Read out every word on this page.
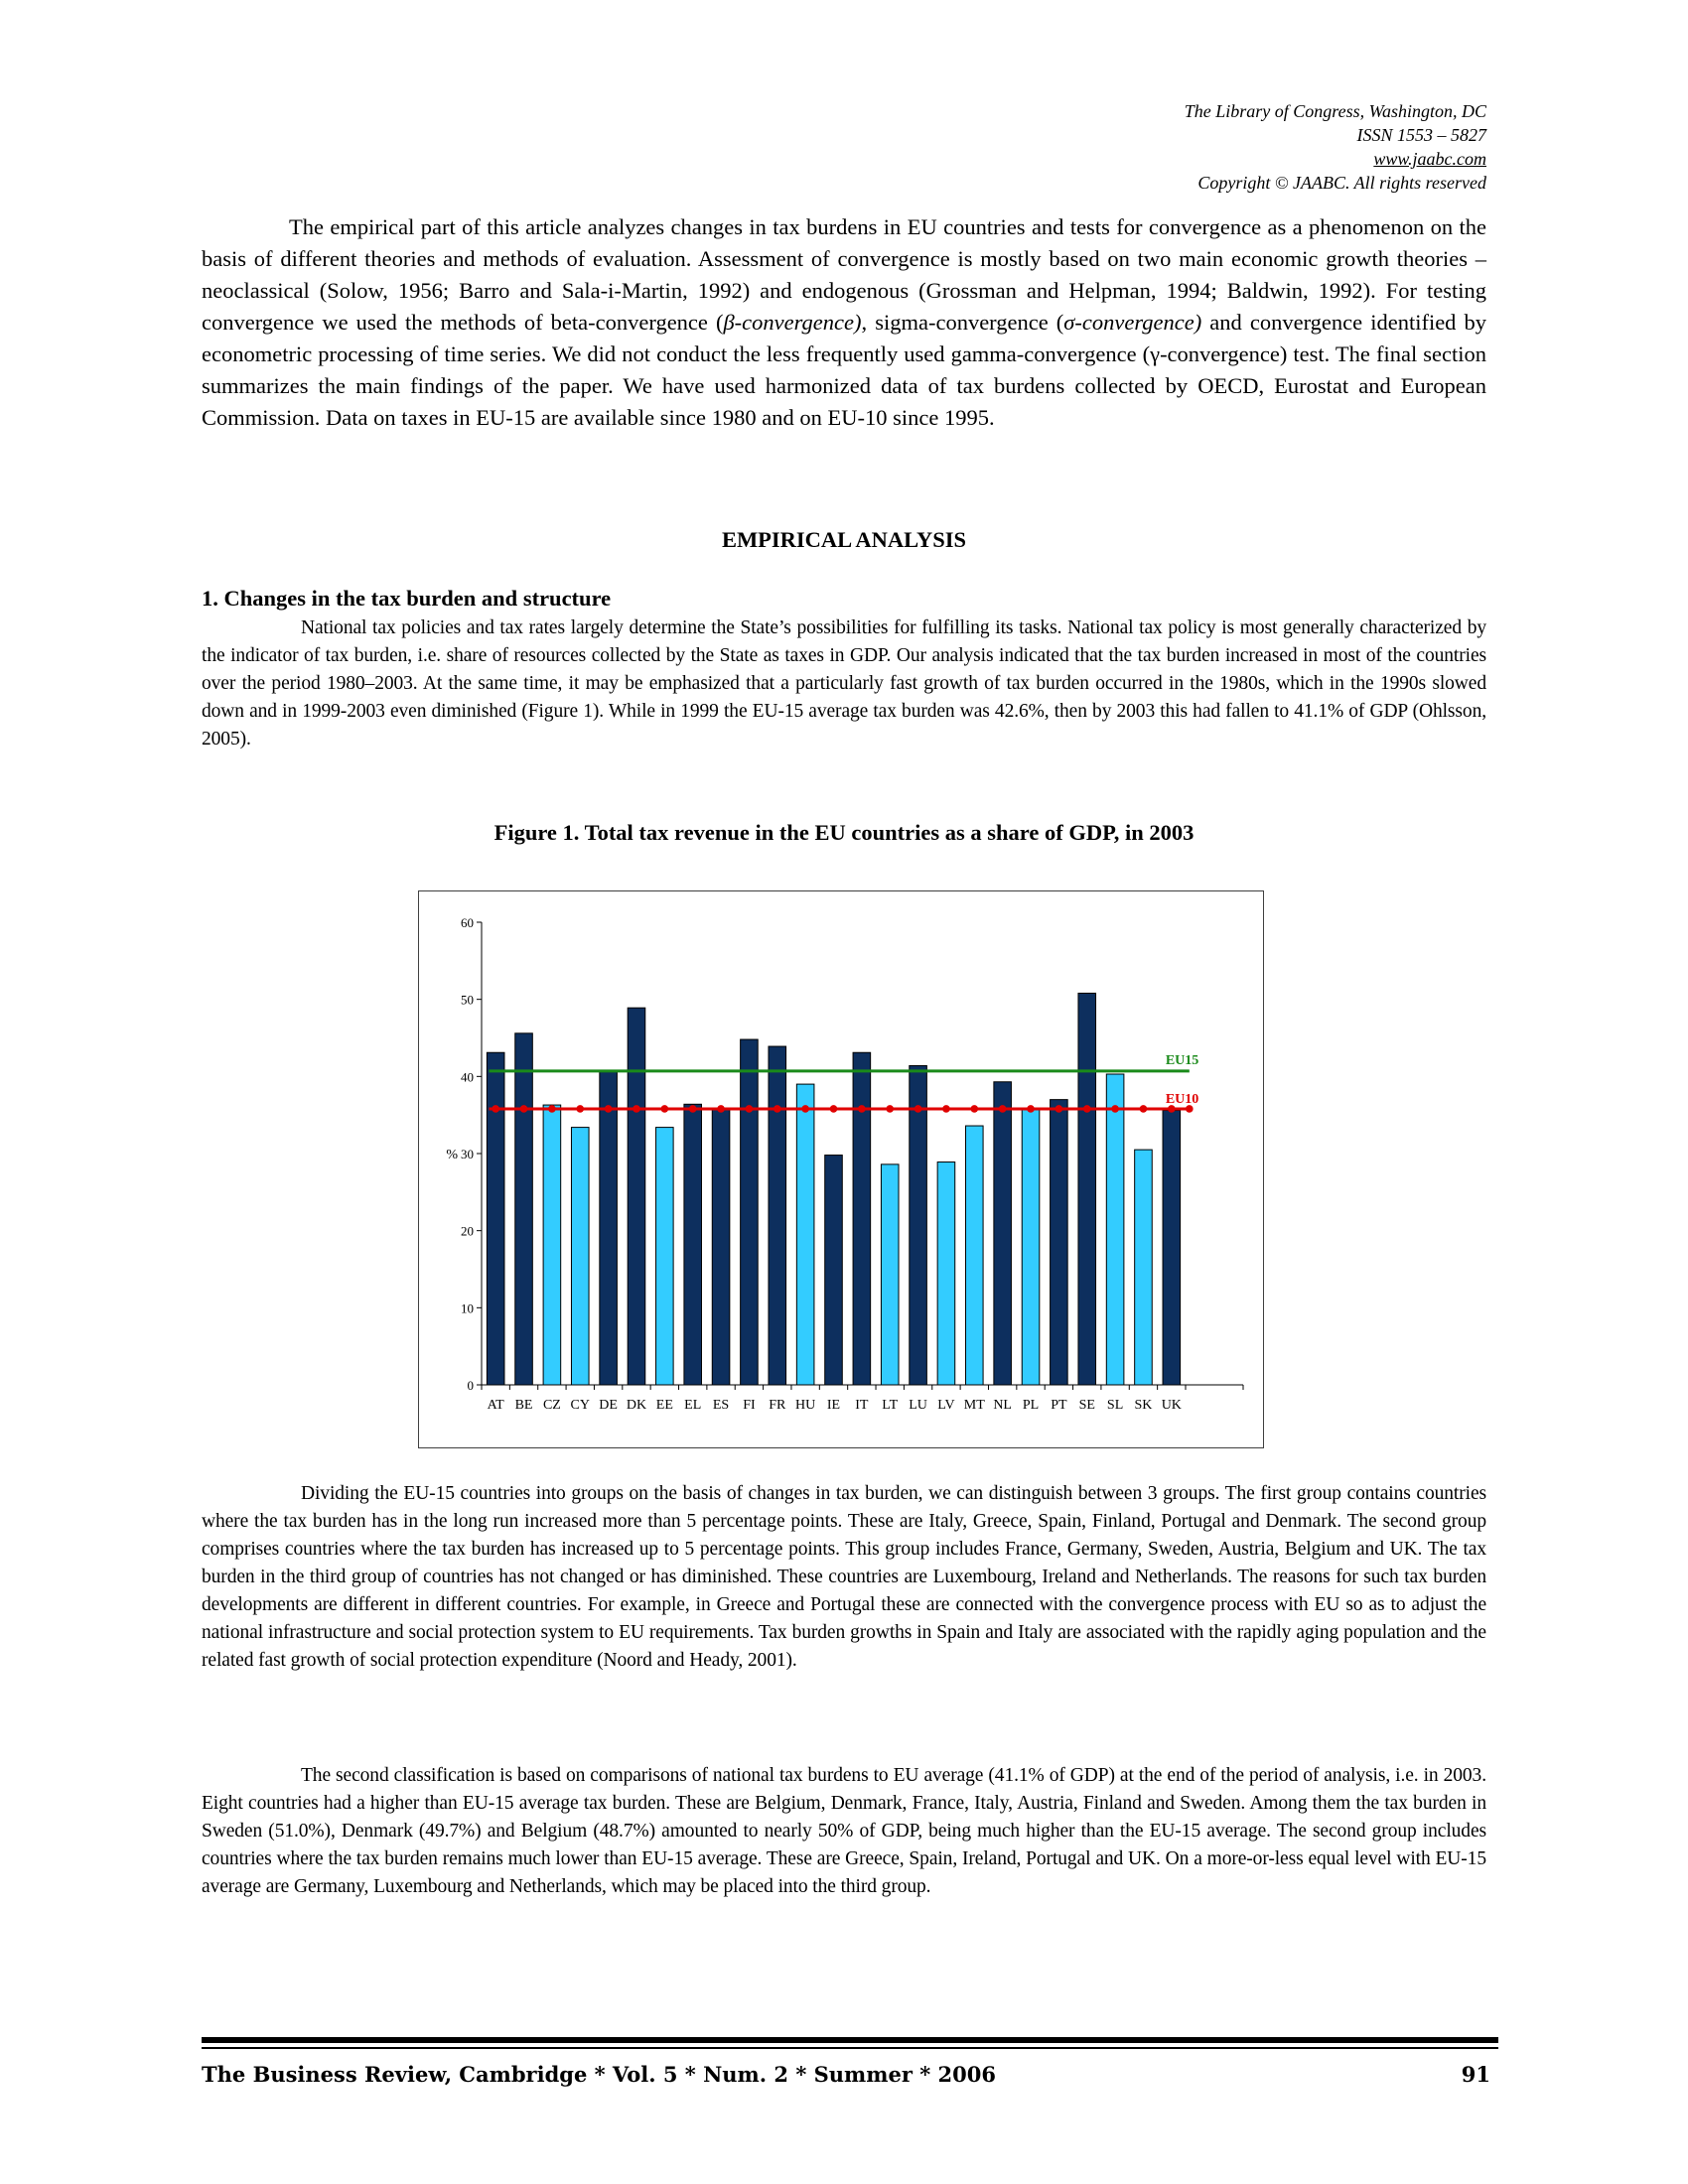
The Library of Congress, Washington, DC
ISSN 1553 – 5827
www.jaabc.com
Copyright © JAABC. All rights reserved
The empirical part of this article analyzes changes in tax burdens in EU countries and tests for convergence as a phenomenon on the basis of different theories and methods of evaluation. Assessment of convergence is mostly based on two main economic growth theories – neoclassical (Solow, 1956; Barro and Sala-i-Martin, 1992) and endogenous (Grossman and Helpman, 1994; Baldwin, 1992). For testing convergence we used the methods of beta-convergence (β-convergence), sigma-convergence (σ-convergence) and convergence identified by econometric processing of time series. We did not conduct the less frequently used gamma-convergence (γ-convergence) test. The final section summarizes the main findings of the paper. We have used harmonized data of tax burdens collected by OECD, Eurostat and European Commission. Data on taxes in EU-15 are available since 1980 and on EU-10 since 1995.
EMPIRICAL ANALYSIS
1. Changes in the tax burden and structure
National tax policies and tax rates largely determine the State’s possibilities for fulfilling its tasks. National tax policy is most generally characterized by the indicator of tax burden, i.e. share of resources collected by the State as taxes in GDP. Our analysis indicated that the tax burden increased in most of the countries over the period 1980–2003. At the same time, it may be emphasized that a particularly fast growth of tax burden occurred in the 1980s, which in the 1990s slowed down and in 1999-2003 even diminished (Figure 1). While in 1999 the EU-15 average tax burden was 42.6%, then by 2003 this had fallen to 41.1% of GDP (Ohlsson, 2005).
Figure 1. Total tax revenue in the EU countries as a share of GDP, in 2003
0
10
20
30
40
50
60
%
AT BE CZ CY DE DK EE EL ES FI FR HU IE IT LT LU LV MT NL PL PT SE SL SK UK
EU15
EU10
Dividing the EU-15 countries into groups on the basis of changes in tax burden, we can distinguish between 3 groups. The first group contains countries where the tax burden has in the long run increased more than 5 percentage points. These are Italy, Greece, Spain, Finland, Portugal and Denmark. The second group comprises countries where the tax burden has increased up to 5 percentage points. This group includes France, Germany, Sweden, Austria, Belgium and UK. The tax burden in the third group of countries has not changed or has diminished. These countries are Luxembourg, Ireland and Netherlands. The reasons for such tax burden developments are different in different countries. For example, in Greece and Portugal these are connected with the convergence process with EU so as to adjust the national infrastructure and social protection system to EU requirements. Tax burden growths in Spain and Italy are associated with the rapidly aging population and the related fast growth of social protection expenditure (Noord and Heady, 2001).
The second classification is based on comparisons of national tax burdens to EU average (41.1% of GDP) at the end of the period of analysis, i.e. in 2003. Eight countries had a higher than EU-15 average tax burden. These are Belgium, Denmark, France, Italy, Austria, Finland and Sweden. Among them the tax burden in Sweden (51.0%), Denmark (49.7%) and Belgium (48.7%) amounted to nearly 50% of GDP, being much higher than the EU-15 average. The second group includes countries where the tax burden remains much lower than EU-15 average. These are Greece, Spain, Ireland, Portugal and UK. On a more-or-less equal level with EU-15 average are Germany, Luxembourg and Netherlands, which may be placed into the third group.
The Business Review, Cambridge * Vol. 5 * Num. 2 * Summer * 2006	91
